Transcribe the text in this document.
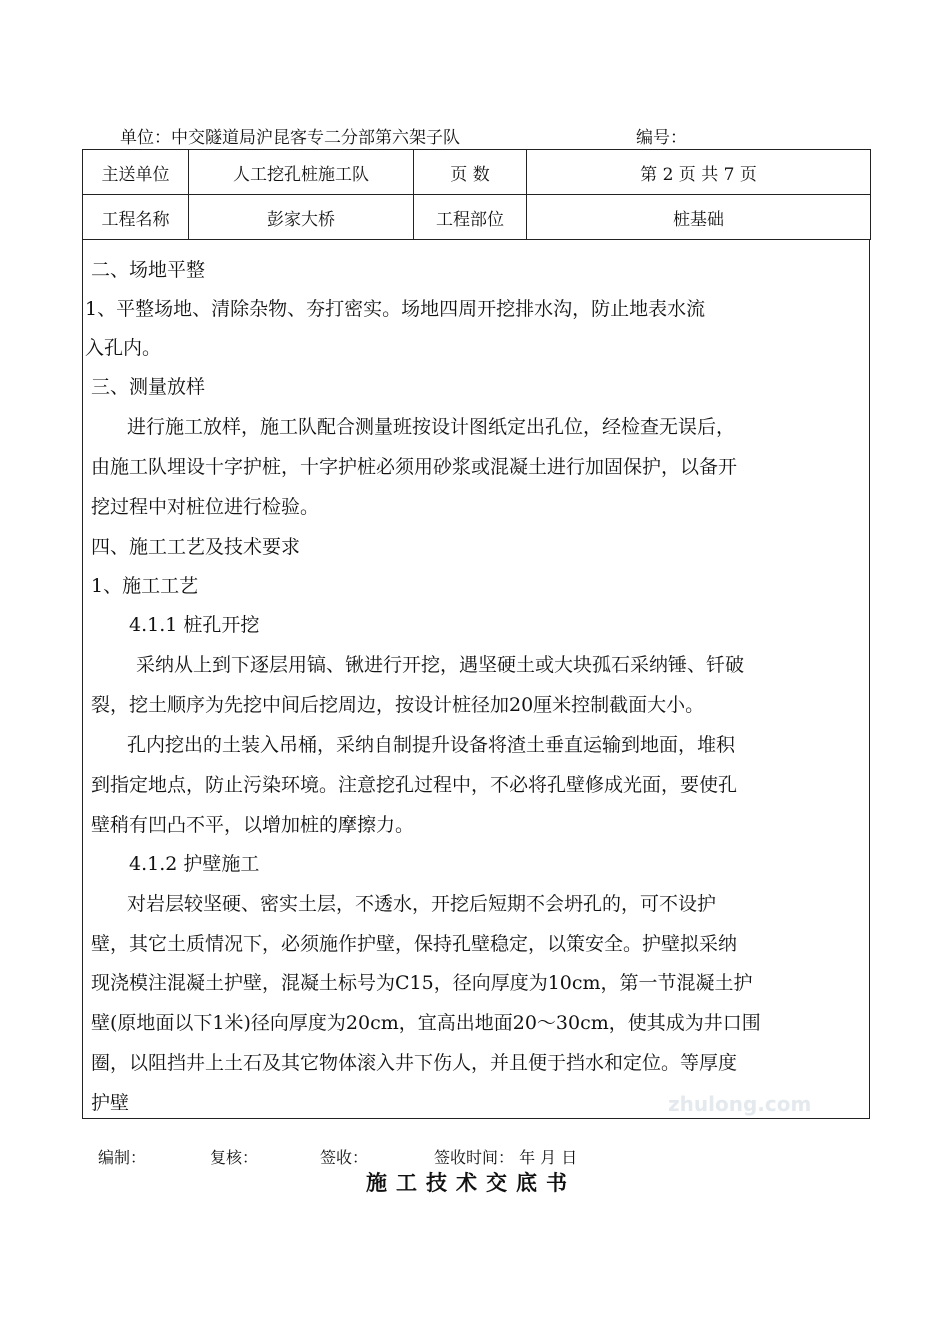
单位：中交隧道局沪昆客专二分部第六架子队	编号：
主送单位	人工挖孔桩施工队	页 数	第 2 页 共 7 页
工程名称	彭家大桥	工程部位	桩基础
二、场地平整
1、平整场地、清除杂物、夯打密实。场地四周开挖排水沟，防止地表水流
入孔内。
三、测量放样
进行施工放样，施工队配合测量班按设计图纸定出孔位，经检查无误后，
由施工队埋设十字护桩，十字护桩必须用砂浆或混凝土进行加固保护，以备开
挖过程中对桩位进行检验。
四、施工工艺及技术要求
1、施工工艺
4.1.1 桩孔开挖
采纳从上到下逐层用镐、锹进行开挖，遇坚硬土或大块孤石采纳锤、钎破
裂，挖土顺序为先挖中间后挖周边，按设计桩径加20厘米控制截面大小。
孔内挖出的土装入吊桶，采纳自制提升设备将渣土垂直运输到地面，堆积
到指定地点，防止污染环境。注意挖孔过程中，不必将孔壁修成光面，要使孔
壁稍有凹凸不平，以增加桩的摩擦力。
4.1.2 护壁施工
对岩层较坚硬、密实土层，不透水，开挖后短期不会坍孔的，可不设护
壁，其它土质情况下，必须施作护壁，保持孔壁稳定，以策安全。护壁拟采纳
现浇模注混凝土护壁，混凝土标号为C15，径向厚度为10cm，第一节混凝土护
壁(原地面以下1米)径向厚度为20cm，宜高出地面20～30cm，使其成为井口围
圈，以阻挡井上土石及其它物体滚入井下伤人，并且便于挡水和定位。等厚度
护壁	zhulong.com
编制：	复核：	签收：	签收时间： 年 月 日
施工技术交底书
